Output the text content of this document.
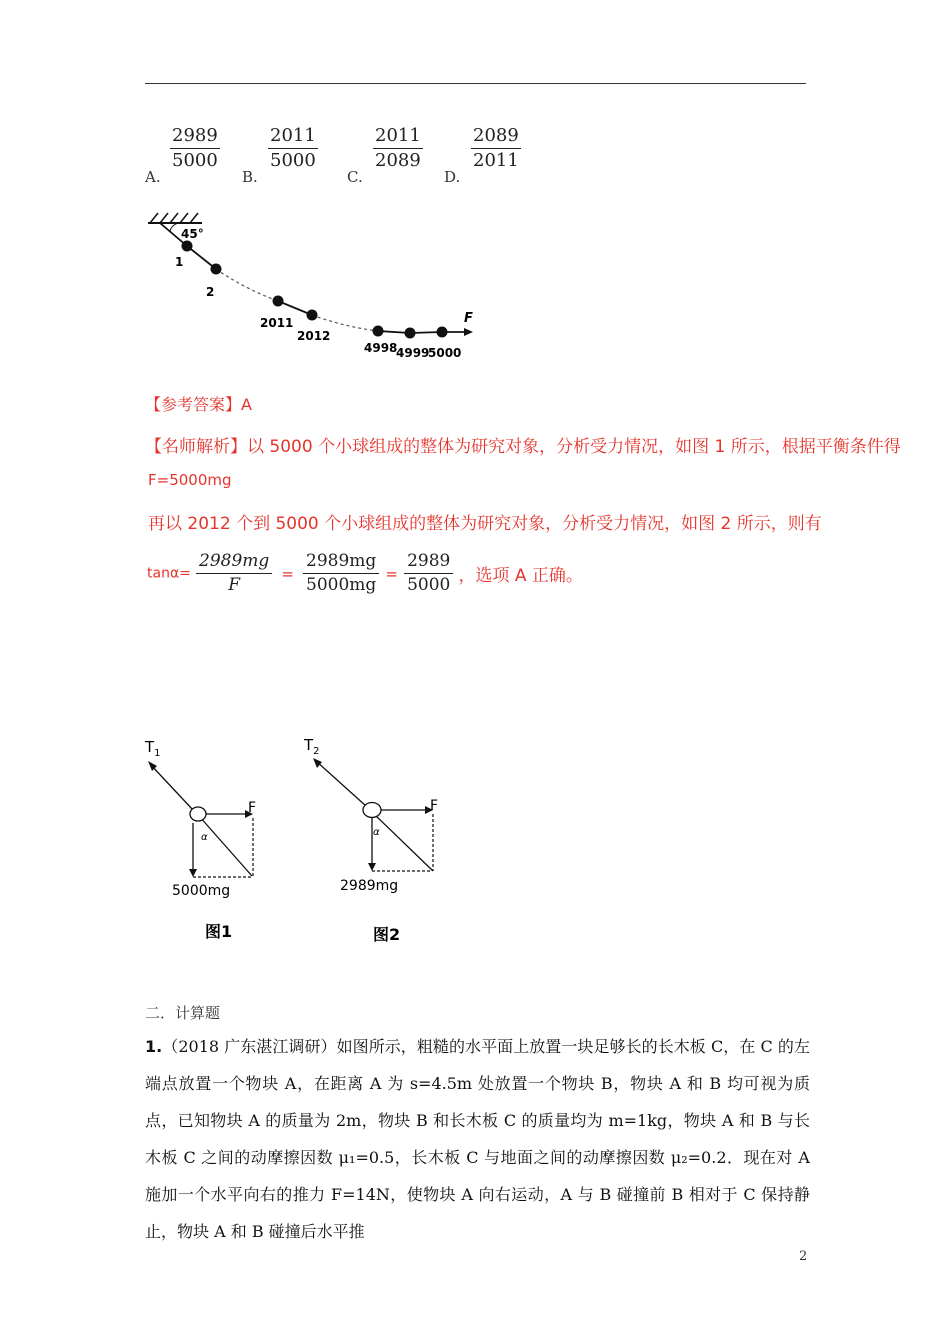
A.
$\frac{2989}{5000}$
B.
$\frac{2011}{5000}$
C.
$\frac{2011}{2089}$
D.
$\frac{2089}{2011}$
45°
F
1
2
2011
2012
4998
4999
5000
【参考答案】A
【名师解析】以 5000 个小球组成的整体为研究对象，分析受力情况，如图 1 所示，根据平衡条件得
F=5000mg
再以 2012 个到 5000 个小球组成的整体为研究对象，分析受力情况，如图 2 所示，则有
$\tan\alpha= \frac{2989mg}{F} = \frac{2989mg}{5000mg} = \frac{2989}{5000}$ ，选项 A 正确。
$T_1$
F
α
5000mg
图1
$T_2$
F
α
2989mg
图2
二．计算题
1.（2018 广东湛江调研）如图所示，粗糙的水平面上放置一块足够长的长木板 C，在 C 的左端点放置一个物块 A，在距离 A 为 s=4.5m 处放置一个物块 B，物块 A 和 B 均可视为质点，已知物块 A 的质量为 2m，物块 B 和长木板 C 的质量均为 m=1kg，物块 A 和 B 与长木板 C 之间的动摩擦因数 μ₁=0.5，长木板 C 与地面之间的动摩擦因数 μ₂=0.2．现在对 A 施加一个水平向右的推力 F=14N，使物块 A 向右运动，A 与 B 碰撞前 B 相对于 C 保持静止，物块 A 和 B 碰撞后水平推
2
